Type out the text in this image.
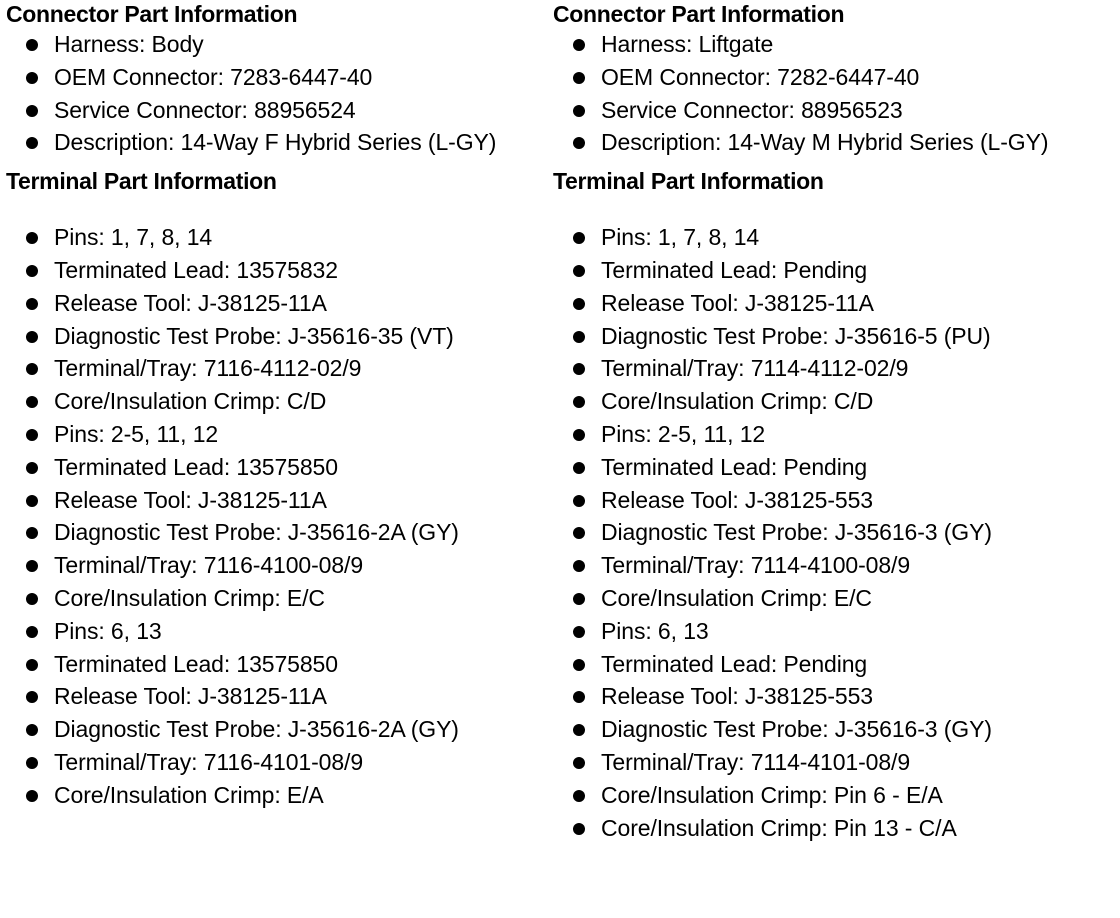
Connector Part Information
Harness: Body
OEM Connector: 7283-6447-40
Service Connector: 88956524
Description: 14-Way F Hybrid Series (L-GY)
Terminal Part Information
Pins: 1, 7, 8, 14
Terminated Lead: 13575832
Release Tool: J-38125-11A
Diagnostic Test Probe: J-35616-35 (VT)
Terminal/Tray: 7116-4112-02/9
Core/Insulation Crimp: C/D
Pins: 2-5, 11, 12
Terminated Lead: 13575850
Release Tool: J-38125-11A
Diagnostic Test Probe: J-35616-2A (GY)
Terminal/Tray: 7116-4100-08/9
Core/Insulation Crimp: E/C
Pins: 6, 13
Terminated Lead: 13575850
Release Tool: J-38125-11A
Diagnostic Test Probe: J-35616-2A (GY)
Terminal/Tray: 7116-4101-08/9
Core/Insulation Crimp: E/A
Connector Part Information
Harness: Liftgate
OEM Connector: 7282-6447-40
Service Connector: 88956523
Description: 14-Way M Hybrid Series (L-GY)
Terminal Part Information
Pins: 1, 7, 8, 14
Terminated Lead: Pending
Release Tool: J-38125-11A
Diagnostic Test Probe: J-35616-5 (PU)
Terminal/Tray: 7114-4112-02/9
Core/Insulation Crimp: C/D
Pins: 2-5, 11, 12
Terminated Lead: Pending
Release Tool: J-38125-553
Diagnostic Test Probe: J-35616-3 (GY)
Terminal/Tray: 7114-4100-08/9
Core/Insulation Crimp: E/C
Pins: 6, 13
Terminated Lead: Pending
Release Tool: J-38125-553
Diagnostic Test Probe: J-35616-3 (GY)
Terminal/Tray: 7114-4101-08/9
Core/Insulation Crimp: Pin 6 - E/A
Core/Insulation Crimp: Pin 13 - C/A
